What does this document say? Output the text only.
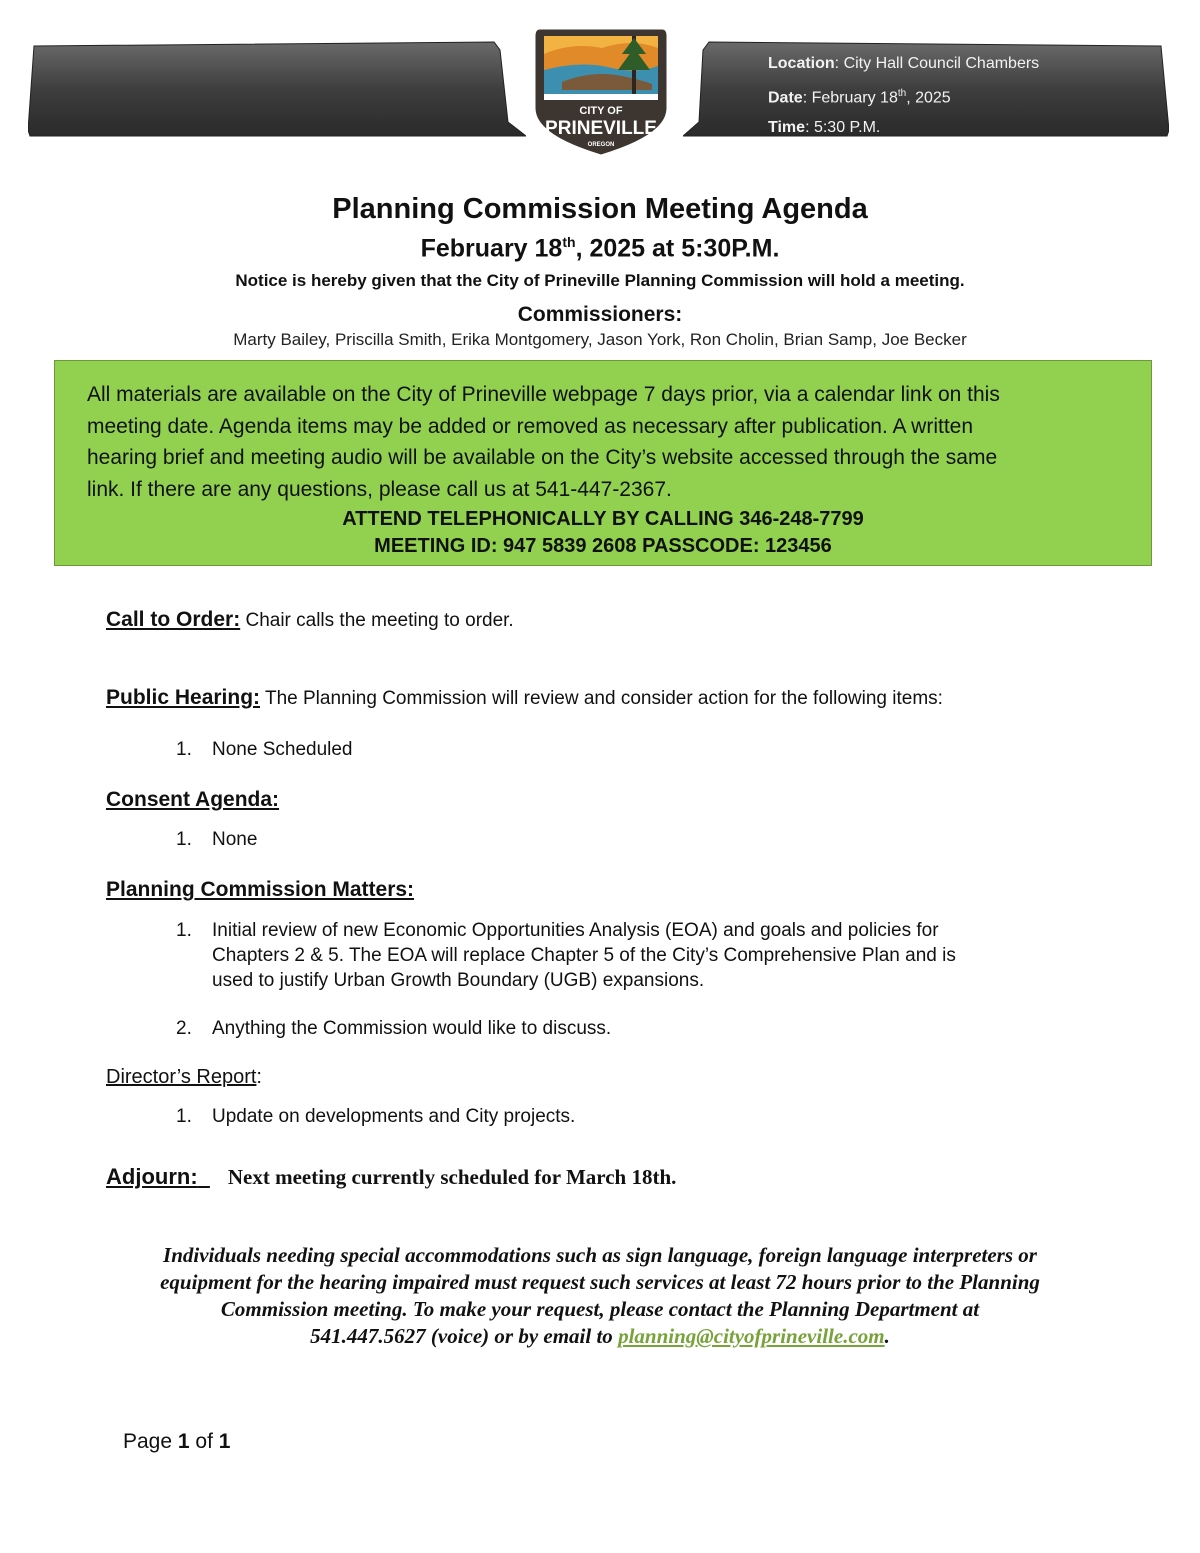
Location: City Hall Council Chambers
Date: February 18th, 2025
Time: 5:30 P.M.
CITY OF
PRINEVILLE
OREGON
Planning Commission Meeting Agenda
February 18th, 2025 at 5:30P.M.
Notice is hereby given that the City of Prineville Planning Commission will hold a meeting.
Commissioners:
Marty Bailey, Priscilla Smith, Erika Montgomery, Jason York, Ron Cholin, Brian Samp, Joe Becker
All materials are available on the City of Prineville webpage 7 days prior, via a calendar link on this
meeting date. Agenda items may be added or removed as necessary after publication. A written
hearing brief and meeting audio will be available on the City’s website accessed through the same
link. If there are any questions, please call us at 541-447-2367.
ATTEND TELEPHONICALLY BY CALLING 346-248-7799
MEETING ID: 947 5839 2608 PASSCODE: 123456
Call to Order: Chair calls the meeting to order.
Public Hearing: The Planning Commission will review and consider action for the following items:
1. None Scheduled
Consent Agenda:
1. None
Planning Commission Matters:
1. Initial review of new Economic Opportunities Analysis (EOA) and goals and policies for
Chapters 2 & 5. The EOA will replace Chapter 5 of the City’s Comprehensive Plan and is
used to justify Urban Growth Boundary (UGB) expansions.
2. Anything the Commission would like to discuss.
Director’s Report:
1. Update on developments and City projects.
Adjourn: Next meeting currently scheduled for March 18th.
Individuals needing special accommodations such as sign language, foreign language interpreters or
equipment for the hearing impaired must request such services at least 72 hours prior to the Planning
Commission meeting. To make your request, please contact the Planning Department at
541.447.5627 (voice) or by email to planning@cityofprineville.com.
Page 1 of 1
